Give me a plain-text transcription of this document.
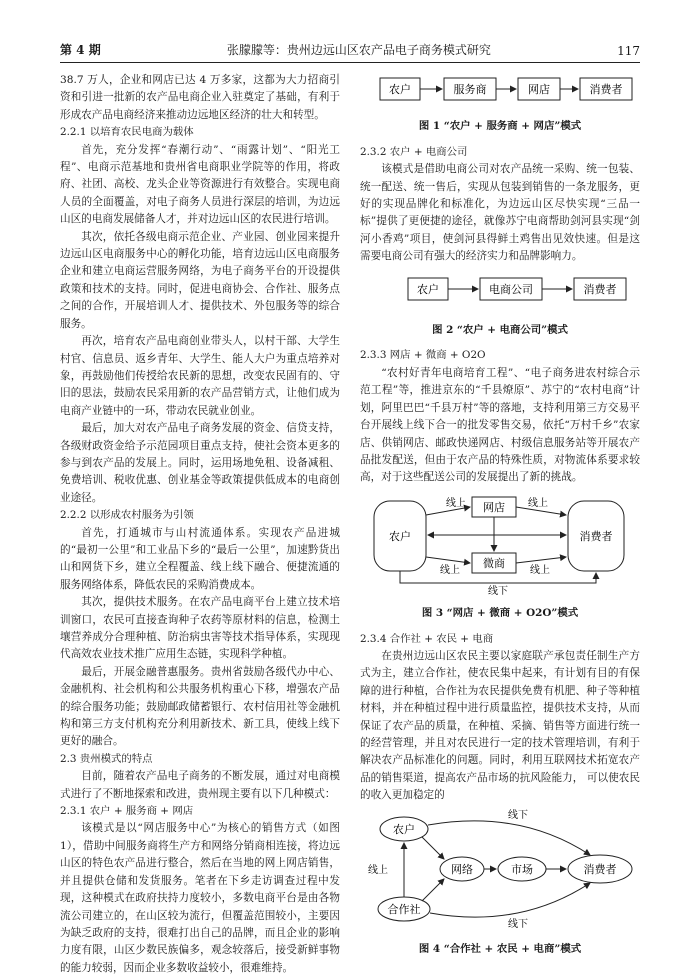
第 4 期	张朦朦等：贵州边远山区农产品电子商务模式研究	117

38.7 万人，企业和网店已达 4 万多家，这都为大力招商引资和引进一批新的农产品电商企业入驻奠定了基础，有利于形成农产品电商经济来推动边远地区经济的壮大和转型。

2.2.1 以培育农民电商为载体

首先，充分发挥“春潮行动”、“雨露计划”、“阳光工程”、电商示范基地和贵州省电商职业学院等的作用，将政府、社团、高校、龙头企业等资源进行有效整合。实现电商人员的全面覆盖，对电子商务人员进行深层的培训，为边远山区的电商发展储备人才，并对边远山区的农民进行培训。

其次，依托各级电商示范企业、产业园、创业园来提升边远山区电商服务中心的孵化功能，培育边远山区电商服务企业和建立电商运营服务网络，为电子商务平台的开设提供政策和技术的支持。同时，促进电商协会、合作社、服务点之间的合作，开展培训人才、提供技术、外包服务等的综合服务。

再次，培育农产品电商创业带头人，以村干部、大学生村官、信息员、返乡青年、大学生、能人大户为重点培养对象，再鼓励他们传授给农民新的思想，改变农民固有的、守旧的思法，鼓励农民采用新的农产品营销方式，让他们成为电商产业链中的一环，带动农民就业创业。

最后，加大对农产品电子商务发展的资金、信贷支持，各级财政资金给予示范园项目重点支持，使社会资本更多的参与到农产品的发展上。同时，运用场地免租、设备减租、免费培训、税收优惠、创业基金等政策提供低成本的电商创业途径。

2.2.2 以形成农村服务为引领

首先，打通城市与山村流通体系。实现农产品进城的“最初一公里”和工业品下乡的“最后一公里”，加速黔货出山和网货下乡，建立全程覆盖、线上线下融合、便捷流通的服务网络体系，降低农民的采购消费成本。

其次，提供技术服务。在农产品电商平台上建立技术培训窗口，农民可直接查询种子农药等原材料的信息，检测土壤营养成分合理种植、防治病虫害等技术指导体系，实现现代高效农业技术推广应用生态链，实现科学种植。

最后，开展金融普惠服务。贵州省鼓励各级代办中心、金融机构、社会机构和公共服务机构重心下移，增强农产品的综合服务功能；鼓励邮政储蓄银行、农村信用社等金融机构和第三方支付机构充分利用新技术、新工具，使线上线下更好的融合。

2.3 贵州模式的特点

目前，随着农产品电子商务的不断发展，通过对电商模式进行了不断地探索和改进，贵州现主要有以下几种模式：

2.3.1 农户 + 服务商 + 网店

该模式是以“网店服务中心”为核心的销售方式（如图1），借助中间服务商将生产方和网络分销商相连接，将边远山区的特色农产品进行整合，然后在当地的网上网店销售，并且提供仓储和发货服务。笔者在下乡走访调查过程中发现，这种模式在政府扶持力度较小，多数电商平台是由各物流公司建立的，在山区较为流行，但覆盖范围较小，主要因为缺乏政府的支持，很难打出自己的品牌，而且企业的影响力度有限，山区少数民族偏多，观念较落后，接受新鲜事物的能力较弱，因而企业多数收益较小，很难维持。

农户	服务商	网店	消费者
图 1 “农户 + 服务商 + 网店”模式
2.3.2 农户 + 电商公司

该模式是借助电商公司对农产品统一采购、统一包装、统一配送、统一售后，实现从包装到销售的一条龙服务，更好的实现品牌化和标准化，为边远山区尽快实现“三品一标”提供了更便捷的途径，就像苏宁电商帮助剑河县实现“剑河小香鸡”项目，使剑河县得鲜土鸡售出见效快速。但是这需要电商公司有强大的经济实力和品牌影响力。

农户	电商公司	消费者
图 2 “农户 + 电商公司”模式
2.3.3 网店 + 微商 + O2O

“农村好青年电商培育工程”、“电子商务进农村综合示范工程”等，推进京东的“千县燎原”、苏宁的“农村电商”计划，阿里巴巴“千县万村”等的落地，支持利用第三方交易平台开展线上线下合一的批发零售交易，依托“万村千乡”农家店、供销网店、邮政快递网店、村级信息服务站等开展农产品批发配送，但由于农产品的特殊性质，对物流体系要求较高，对于这些配送公司的发展提出了新的挑战。

农户
网店
微商
消费者
线上	线上
线上	线上
线下
图 3 “网店 + 微商 + O2O”模式
2.3.4 合作社 + 农民 + 电商

在贵州边远山区农民主要以家庭联产承包责任制生产方式为主，建立合作社，使农民集中起来，有计划有目的有保障的进行种植，合作社为农民提供免费有机肥、种子等种植材料，并在种植过程中进行质量监控，提供技术支持，从而保证了农产品的质量，在种植、采摘、销售等方面进行统一的经营管理，并且对农民进行一定的技术管理培训，有利于解决农产品标准化的问题。同时，利用互联网技术拓宽农产品的销售渠道，提高农产品市场的抗风险能力， 可以使农民的收入更加稳定的

农户
网络	市场	消费者
合作社
线下
线上
线下
图 4 “合作社 + 农民 + 电商”模式
